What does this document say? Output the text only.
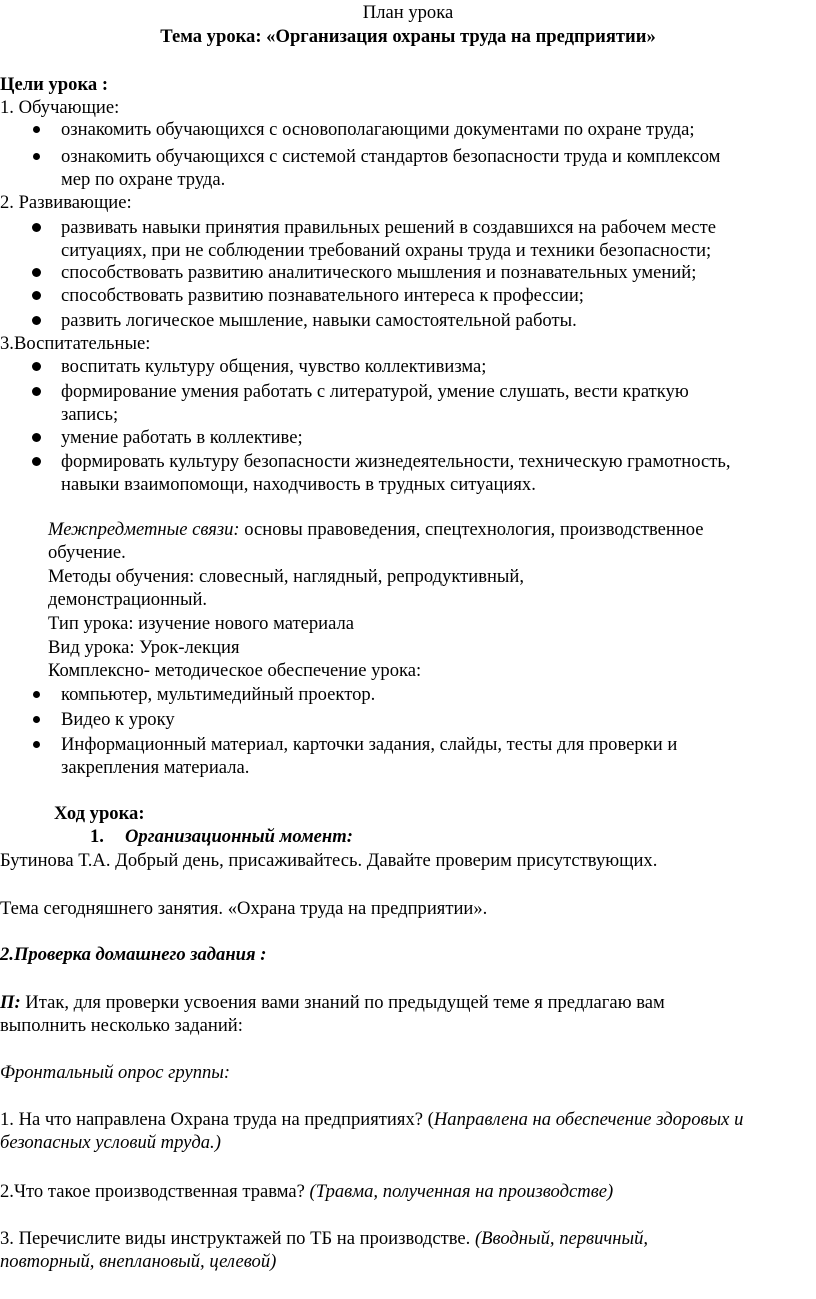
План урока
Тема урока: «Организация охраны труда на предприятии»
Цели урока :
1. Обучающие:
ознакомить обучающихся с основополагающими документами по охране труда;
ознакомить обучающихся с системой стандартов безопасности труда и комплексом
мер по охране труда.
2. Развивающие:
развивать навыки принятия правильных решений в создавшихся на рабочем месте
ситуациях, при не соблюдении требований охраны труда и техники безопасности;
способствовать развитию аналитического мышления и познавательных умений;
способствовать развитию познавательного интереса к профессии;
развить логическое мышление, навыки самостоятельной работы.
3.Воспитательные:
воспитать культуру общения, чувство коллективизма;
формирование умения работать с литературой, умение слушать, вести краткую
запись;
умение работать в коллективе;
формировать культуру безопасности жизнедеятельности, техническую грамотность,
навыки взаимопомощи, находчивость в трудных ситуациях.
Межпредметные связи: основы правоведения, спецтехнология, производственное
обучение.
Методы обучения: словесный, наглядный, репродуктивный,
демонстрационный.
Тип урока: изучение нового материала
Вид урока: Урок-лекция
Комплексно- методическое обеспечение урока:
компьютер, мультимедийный проектор.
Видео к уроку
Информационный материал, карточки задания, слайды, тесты для проверки и
закрепления материала.
Ход урока:
1. Организационный момент:
Бутинова Т.А. Добрый день, присаживайтесь. Давайте проверим присутствующих.
Тема сегодняшнего занятия. «Охрана труда на предприятии».
2.Проверка домашнего задания :
П: Итак, для проверки усвоения вами знаний по предыдущей теме я предлагаю вам
выполнить несколько заданий:
Фронтальный опрос группы:
1. На что направлена Охрана труда на предприятиях? (Направлена на обеспечение здоровых и
безопасных условий труда.)
2.Что такое производственная травма? (Травма, полученная на производстве)
3. Перечислите виды инструктажей по ТБ на производстве. (Вводный, первичный,
повторный, внеплановый, целевой)
